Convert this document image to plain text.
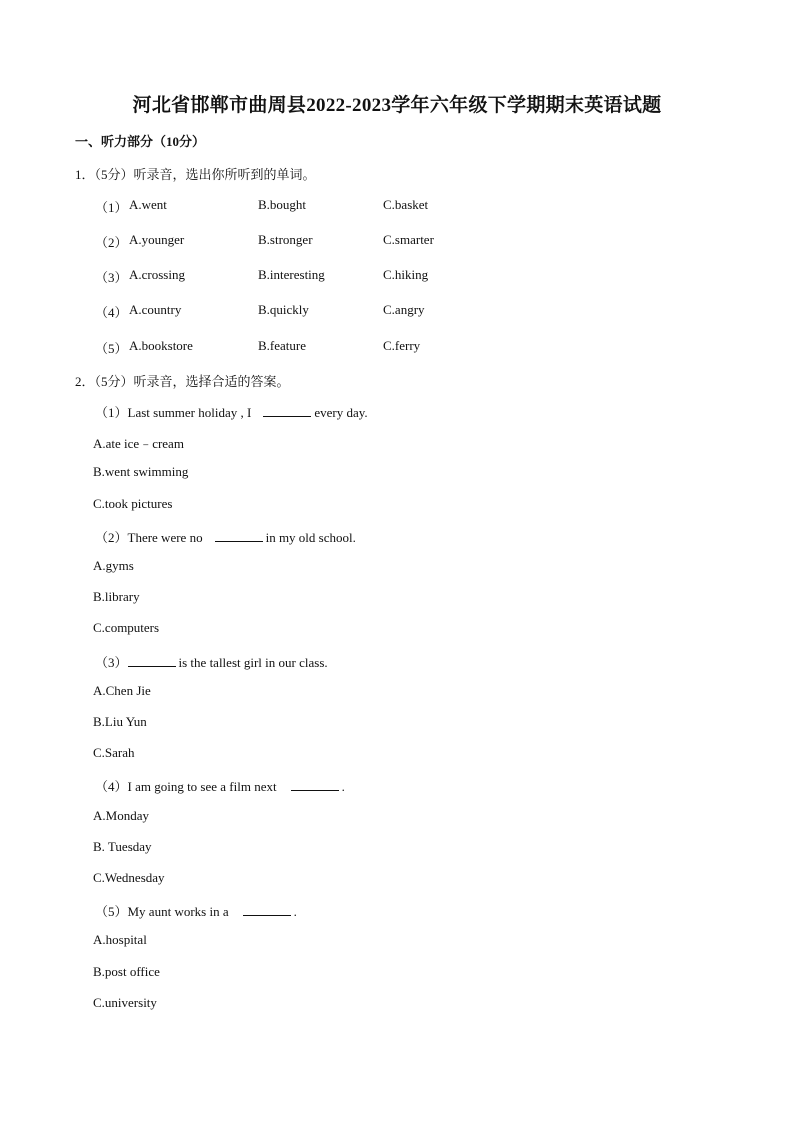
河北省邯郸市曲周县2022-2023学年六年级下学期期末英语试题
一、听力部分（10分）
1．（5分）听录音，选出你所听到的单词。
（1） A.went	B.bought	C.basket
（2） A.younger	B.stronger	C.smarter
（3） A.crossing	B.interesting	C.hiking
（4） A.country	B.quickly	C.angry
（5） A.bookstore	B.feature	C.ferry
2．（5分）听录音，选择合适的答案。
（1）Last summer holiday , I	every day.
A.ate ice﹣cream
B.went swimming
C.took pictures
（2）There were no	in my old school.
A.gyms
B.library
C.computers
（3）	is the tallest girl in our class.
A.Chen Jie
B.Liu Yun
C.Sarah
（4）I am going to see a film next	.
A.Monday
B. Tuesday
C.Wednesday
（5）My aunt works in a	.
A.hospital
B.post office
C.university
